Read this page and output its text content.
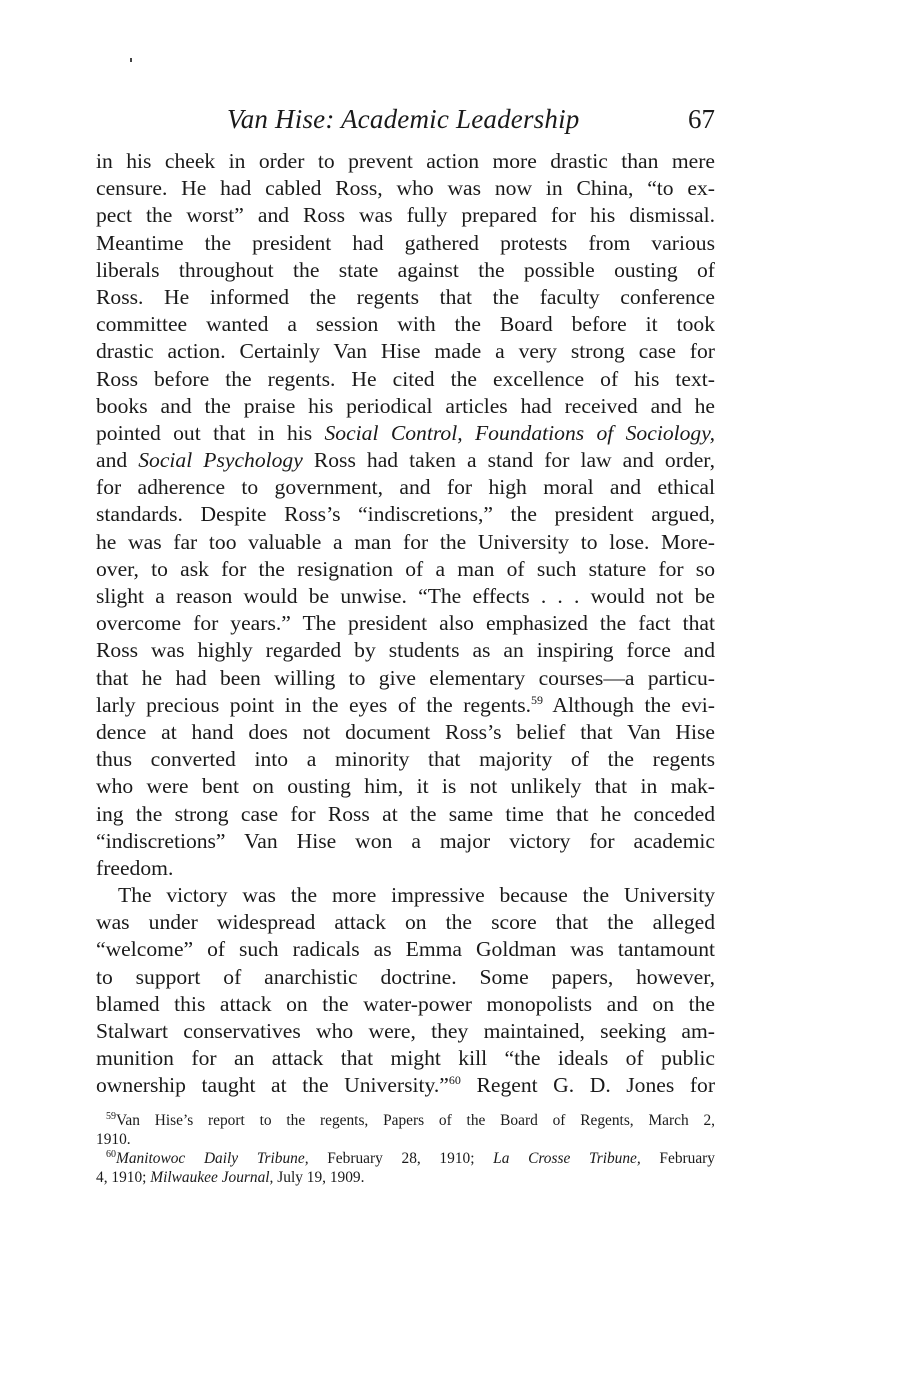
Van Hise: Academic Leadership	67
in his cheek in order to prevent action more drastic than mere
censure. He had cabled Ross, who was now in China, “to ex-
pect the worst” and Ross was fully prepared for his dismissal.
Meantime the president had gathered protests from various
liberals throughout the state against the possible ousting of
Ross. He informed the regents that the faculty conference
committee wanted a session with the Board before it took
drastic action. Certainly Van Hise made a very strong case for
Ross before the regents. He cited the excellence of his text-
books and the praise his periodical articles had received and he
pointed out that in his Social Control, Foundations of Sociology,
and Social Psychology Ross had taken a stand for law and order,
for adherence to government, and for high moral and ethical
standards. Despite Ross’s “indiscretions,” the president argued,
he was far too valuable a man for the University to lose. More-
over, to ask for the resignation of a man of such stature for so
slight a reason would be unwise. “The effects . . . would not be
overcome for years.” The president also emphasized the fact that
Ross was highly regarded by students as an inspiring force and
that he had been willing to give elementary courses—a particu-
larly precious point in the eyes of the regents.$^{59}$ Although the evi-
dence at hand does not document Ross’s belief that Van Hise
thus converted into a minority that majority of the regents
who were bent on ousting him, it is not unlikely that in mak-
ing the strong case for Ross at the same time that he conceded
“indiscretions” Van Hise won a major victory for academic
freedom.
The victory was the more impressive because the University
was under widespread attack on the score that the alleged
“welcome” of such radicals as Emma Goldman was tantamount
to support of anarchistic doctrine. Some papers, however,
blamed this attack on the water-power monopolists and on the
Stalwart conservatives who were, they maintained, seeking am-
munition for an attack that might kill “the ideals of public
ownership taught at the University.”$^{60}$ Regent G. D. Jones for
$^{59}$Van Hise’s report to the regents, Papers of the Board of Regents, March 2,
1910.
$^{60}$Manitowoc Daily Tribune, February 28, 1910; La Crosse Tribune, February
4, 1910; Milwaukee Journal, July 19, 1909.
